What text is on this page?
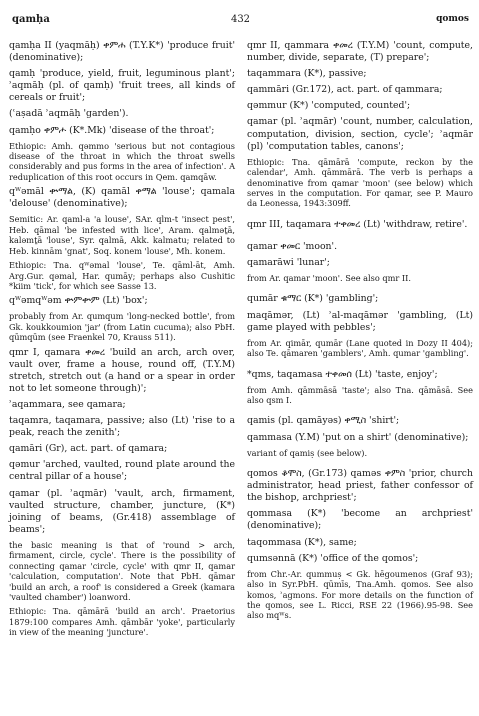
qamḥa	432	qomos

qamḥa II (yaqmāḥ) ቀምሐ (T.Y.K*) 'produce fruit' (denominative);

qamḥ 'produce, yield, fruit, leguminous plant'; ʾaqmāḥ (pl. of qamḥ) 'fruit trees, all kinds of cereals or fruit';

(ʿaṣadā ʾaqmāḥ 'garden').

qamḥo ቀምሖ (K*.Mk) 'disease of the throat';

Ethiopic: Amh. qəmmo 'serious but not contagious disease of the throat in which the throat swells considerably and pus forms in the area of infection'. A reduplication of this root occurs in Qem. qamqāw.

qᵂəmāl ቍማል, (K) qamāl ቀማል 'louse'; qamala 'delouse' (denominative);

Semitic: Ar. qaml-a 'a louse', SAr. qlm-t 'insect pest', Heb. qāmal 'be infested with lice', Aram. qalməṯā, kaləmṯā 'louse', Syr. qalmā, Akk. kalmatu; related to Heb. kinnām 'gnat', Soq. konem 'louse', Mh. konem.

Ethiopic: Tna. qᵂəmal 'louse', Te. qāml-āt, Amh. Arg.Gur. qəmal, Har. qumāy; perhaps also Cushitic *kiim 'tick', for which see Sasse 13.

qᵂəmqᵂəm ቍምቍም (Lt) 'box';

probably from Ar. qumqum 'long-necked bottle', from Gk. koukkoumion 'jar' (from Latin cucuma); also PbH. qūmqūm (see Fraenkel 70, Krauss 511).

qmr I, qamara ቀመረ 'build an arch, arch over, vault over, frame a house, round off, (T.Y.M) stretch, stretch out (a hand or a spear in order not to let someone through)';

ʾaqammara, see qamara;

taqamra, taqamara, passive; also (Lt) 'rise to a peak, reach the zenith';

qamāri (Gr), act. part. of qamara;

qəmur 'arched, vaulted, round plate around the central pillar of a house';

qamar (pl. ʾaqmār) 'vault, arch, firmament, vaulted structure, chamber, juncture, (K*) joining of beams, (Gr.418) assemblage of beams';

the basic meaning is that of 'round > arch, firmament, circle, cycle'. There is the possibility of connecting qamar 'circle, cycle' with qmr II, qamar 'calculation, computation'. Note that PbH. qāmar 'build an arch, a roof' is considered a Greek (kamara 'vaulted chamber') loanword.

Ethiopic: Tna. qāmārā 'build an arch'. Praetorius 1879:100 compares Amh. qāmbār 'yoke', particularly in view of the meaning 'juncture'.

qmr II, qammara ቀመረ (T.Y.M) 'count, compute, number, divide, separate, (T) prepare';

taqammara (K*), passive;

qammāri (Gr.172), act. part. of qammara;

qəmmur (K*) 'computed, counted';

qamar (pl. ʾaqmār) 'count, number, calculation, computation, division, section, cycle'; ʾaqmār (pl) 'computation tables, canons';

Ethiopic: Tna. qāmārā 'compute, reckon by the calendar', Amh. qāmmārā. The verb is perhaps a denominative from qamar 'moon' (see below) which serves in the computation. For qamar, see P. Mauro da Leonessa, 1943:309ff.

qmr III, taqamara ተቀመረ (Lt) 'withdraw, retire'.

qamar ቀመር 'moon'.

qamarāwi 'lunar';

from Ar. qamar 'moon'. See also qmr II.

qumār ቁማር (K*) 'gambling';

maqāmər, (Lt) ʾal-maqāmər 'gambling, (Lt) game played with pebbles';

from Ar. qimār, qumār (Lane quoted in Dozy II 404); also Te. qāmaren 'gamblers', Amh. qumar 'gambling'.

*qms, taqamasa ተቀመሰ (Lt) 'taste, enjoy';

from Amh. qāmmāsā 'taste'; also Tna. qāmāsā. See also qsm I.

qamis (pl. qamāyəs) ቀሚስ 'shirt';

qammasa (Y.M) 'put on a shirt' (denominative);

variant of qamiṣ (see below).

qomos ቆሞስ, (Gr.173) qaməs ቀምስ 'prior, church administrator, head priest, father confessor of the bishop, archpriest';

qommasa (K*) 'become an archpriest' (denominative);

taqommasa (K*), same;

qumsənnā (K*) 'office of the qomos';

from Chr.-Ar. qummuṣ < Gk. hēgoumenos (Graf 93); also in Syr.PbH. qūmīs, Tna.Amh. qomos. See also komos, ʾagmons. For more details on the function of the qomos, see L. Ricci, RSE 22 (1966).95-98. See also mqᵂs.
